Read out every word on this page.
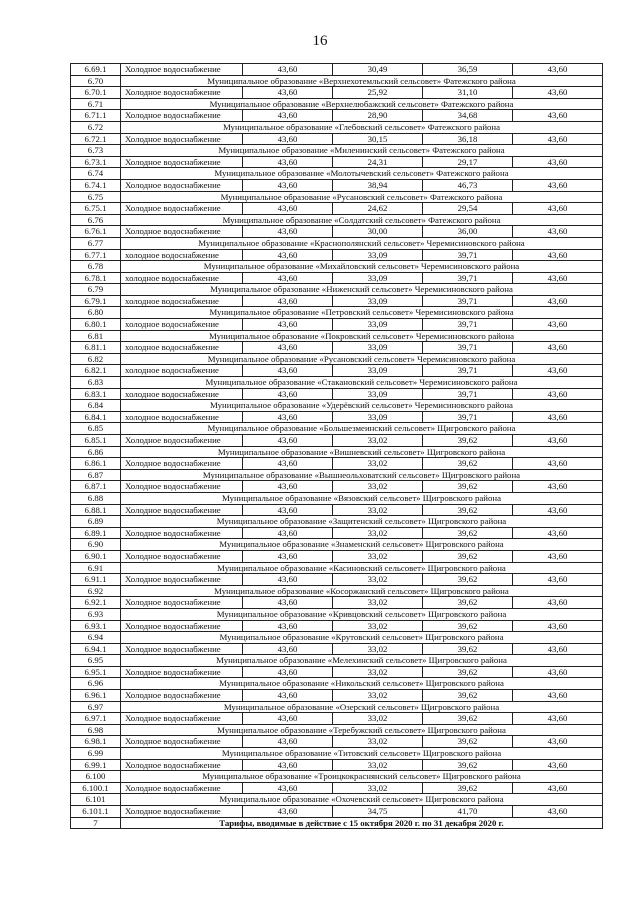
16
6.69.1	Холодное водоснабжение	43,60	30,49	36,59	43,60
6.70	Муниципальное образование «Верхнехотемльский сельсовет» Фатежского района				
6.70.1	Холодное водоснабжение	43,60	25,92	31,10	43,60
6.71	Муниципальное образование «Верхнелюбажский сельсовет» Фатежского района				
6.71.1	Холодное водоснабжение	43,60	28,90	34,68	43,60
6.72	Муниципальное образование «Глебовский сельсовет» Фатежского района				
6.72.1	Холодное водоснабжение	43,60	30,15	36,18	43,60
6.73	Муниципальное образование «Миленинский сельсовет» Фатежского района				
6.73.1	Холодное водоснабжение	43,60	24,31	29,17	43,60
6.74	Муниципальное образование «Молотычевский сельсовет» Фатежского района				
6.74.1	Холодное водоснабжение	43,60	38,94	46,73	43,60
6.75	Муниципальное образование «Русановский сельсовет» Фатежского района				
6.75.1	Холодное водоснабжение	43,60	24,62	29,54	43,60
6.76	Муниципальное образование «Солдатский сельсовет» Фатежского района				
6.76.1	Холодное водоснабжение	43,60	30,00	36,00	43,60
6.77	Муниципальное образование «Краснополянский сельсовет» Черемисиновского района				
6.77.1	холодное водоснабжение	43,60	33,09	39,71	43,60
6.78	Муниципальное образование «Михайловский сельсовет» Черемисиновского района				
6.78.1	холодное водоснабжение	43,60	33,09	39,71	43,60
6.79	Муниципальное образование «Ниженский сельсовет» Черемисиновского района				
6.79.1	холодное водоснабжение	43,60	33,09	39,71	43,60
6.80	Муниципальное образование «Петровский сельсовет» Черемисиновского района				
6.80.1	холодное водоснабжение	43,60	33,09	39,71	43,60
6.81	Муниципальное образование «Покровский сельсовет» Черемисиновского района				
6.81.1	холодное водоснабжение	43,60	33,09	39,71	43,60
6.82	Муниципальное образование «Русановский сельсовет» Черемисиновского района				
6.82.1	холодное водоснабжение	43,60	33,09	39,71	43,60
6.83	Муниципальное образование «Стакановский сельсовет» Черемисиновского района				
6.83.1	холодное водоснабжение	43,60	33,09	39,71	43,60
6.84	Муниципальное образование «Удерёвский сельсовет» Черемисиновского района				
6.84.1	холодное водоснабжение	43,60	33,09	39,71	43,60
6.85	Муниципальное образование «Большезмеинский сельсовет» Щигровского района				
6.85.1	Холодное водоснабжение	43,60	33,02	39,62	43,60
6.86	Муниципальное образование «Вишневский сельсовет» Щигровского района				
6.86.1	Холодное водоснабжение	43,60	33,02	39,62	43,60
6.87	Муниципальное образование «Вышнеольховатский сельсовет» Щигровского района				
6.87.1	Холодное водоснабжение	43,60	33,02	39,62	43,60
6.88	Муниципальное образование «Вязовский сельсовет» Щигровского района				
6.88.1	Холодное водоснабжение	43,60	33,02	39,62	43,60
6.89	Муниципальное образование «Защитенский сельсовет» Щигровского района				
6.89.1	Холодное водоснабжение	43,60	33,02	39,62	43,60
6.90	Муниципальное образование «Знаменский сельсовет» Щигровского района				
6.90.1	Холодное водоснабжение	43,60	33,02	39,62	43,60
6.91	Муниципальное образование «Касиновский сельсовет» Щигровского района				
6.91.1	Холодное водоснабжение	43,60	33,02	39,62	43,60
6.92	Муниципальное образование «Косоржанский сельсовет» Щигровского района				
6.92.1	Холодное водоснабжение	43,60	33,02	39,62	43,60
6.93	Муниципальное образование «Кривцовский сельсовет» Щигровского района				
6.93.1	Холодное водоснабжение	43,60	33,02	39,62	43,60
6.94	Муниципальное образование «Крутовский сельсовет» Щигровского района				
6.94.1	Холодное водоснабжение	43,60	33,02	39,62	43,60
6.95	Муниципальное образование «Мелехинский сельсовет» Щигровского района				
6.95.1	Холодное водоснабжение	43,60	33,02	39,62	43,60
6.96	Муниципальное образование «Никольский сельсовет» Щигровского района				
6.96.1	Холодное водоснабжение	43,60	33,02	39,62	43,60
6.97	Муниципальное образование «Озерский сельсовет» Щигровского района				
6.97.1	Холодное водоснабжение	43,60	33,02	39,62	43,60
6.98	Муниципальное образование «Теребужский сельсовет» Щигровского района				
6.98.1	Холодное водоснабжение	43,60	33,02	39,62	43,60
6.99	Муниципальное образование «Титовский сельсовет» Щигровского района				
6.99.1	Холодное водоснабжение	43,60	33,02	39,62	43,60
6.100	Муниципальное образование «Троицкокраснянский сельсовет» Щигровского района				
6.100.1	Холодное водоснабжение	43,60	33,02	39,62	43,60
6.101	Муниципальное образование «Охочевский сельсовет» Щигровского района				
6.101.1	Холодное водоснабжение	43,60	34,75	41,70	43,60
7	Тарифы, вводимые в действие с 15 октября 2020 г. по 31 декабря 2020 г.				
